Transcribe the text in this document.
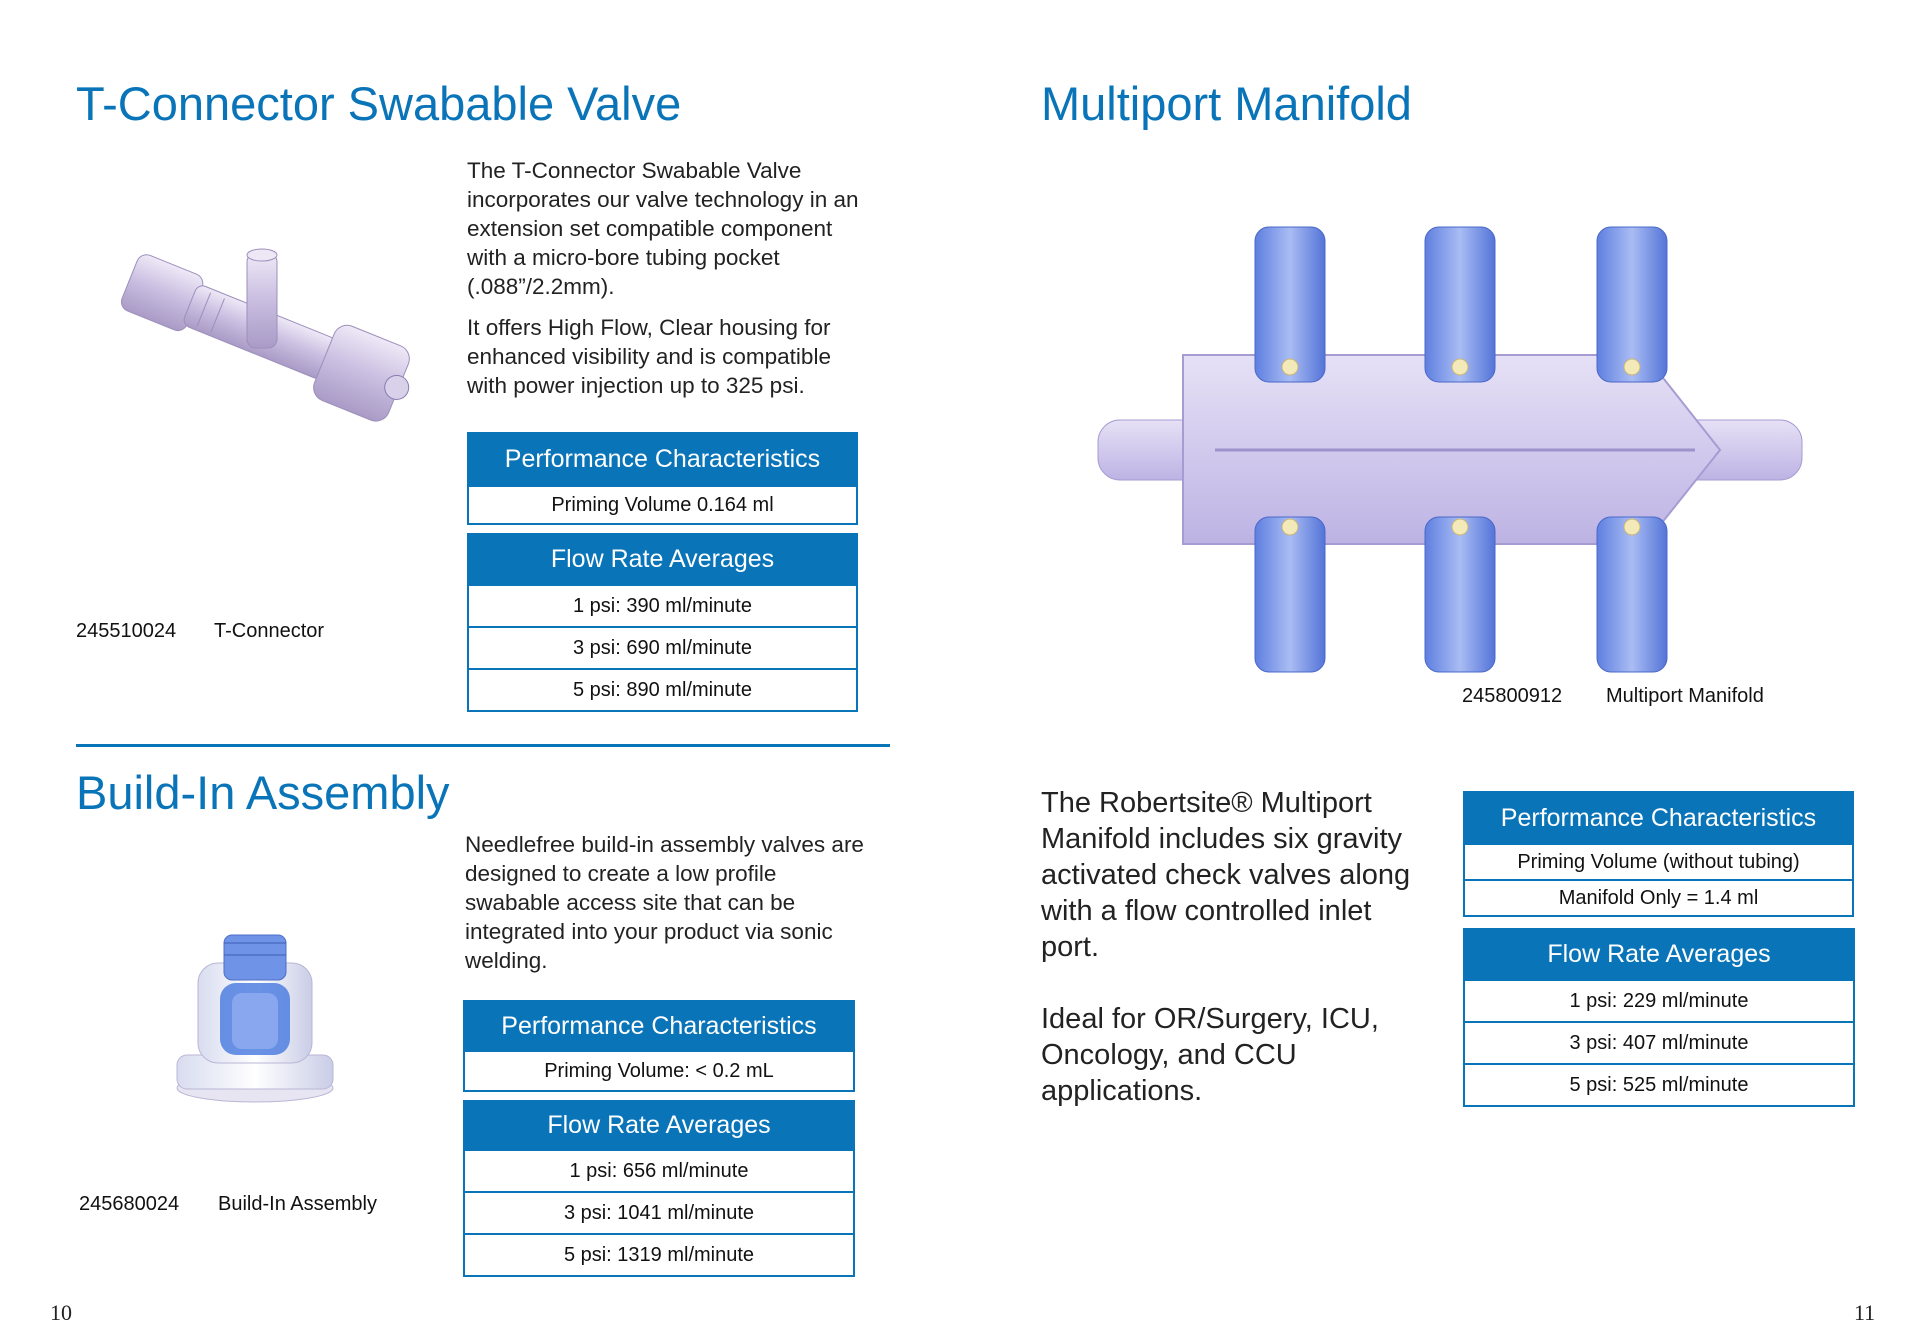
T-Connector Swabable Valve

The T-Connector Swabable Valve incorporates our valve technology in an extension set compatible component with a micro-bore tubing pocket (.088”/2.2mm).

It offers High Flow, Clear housing for enhanced visibility and is compatible with power injection up to 325 psi.

Performance Characteristics
Priming Volume 0.164 ml
Flow Rate Averages
1 psi: 390 ml/minute
3 psi: 690 ml/minute
5 psi: 890 ml/minute
245510024 T-Connector
Build-In Assembly

Needlefree build-in assembly valves are designed to create a low profile swabable access site that can be integrated into your product via sonic welding.

Performance Characteristics
Priming Volume: < 0.2 mL
Flow Rate Averages
1 psi: 656 ml/minute
3 psi: 1041 ml/minute
5 psi: 1319 ml/minute
245680024 Build-In Assembly
10
Multiport Manifold
245800912 Multiport Manifold

The Robertsite® Multiport Manifold includes six gravity activated check valves along with a flow controlled inlet port.

Ideal for OR/Surgery, ICU, Oncology, and CCU applications.

Performance Characteristics
Priming Volume (without tubing)
Manifold Only = 1.4 ml
Flow Rate Averages
1 psi: 229 ml/minute
3 psi: 407 ml/minute
5 psi: 525 ml/minute
11
